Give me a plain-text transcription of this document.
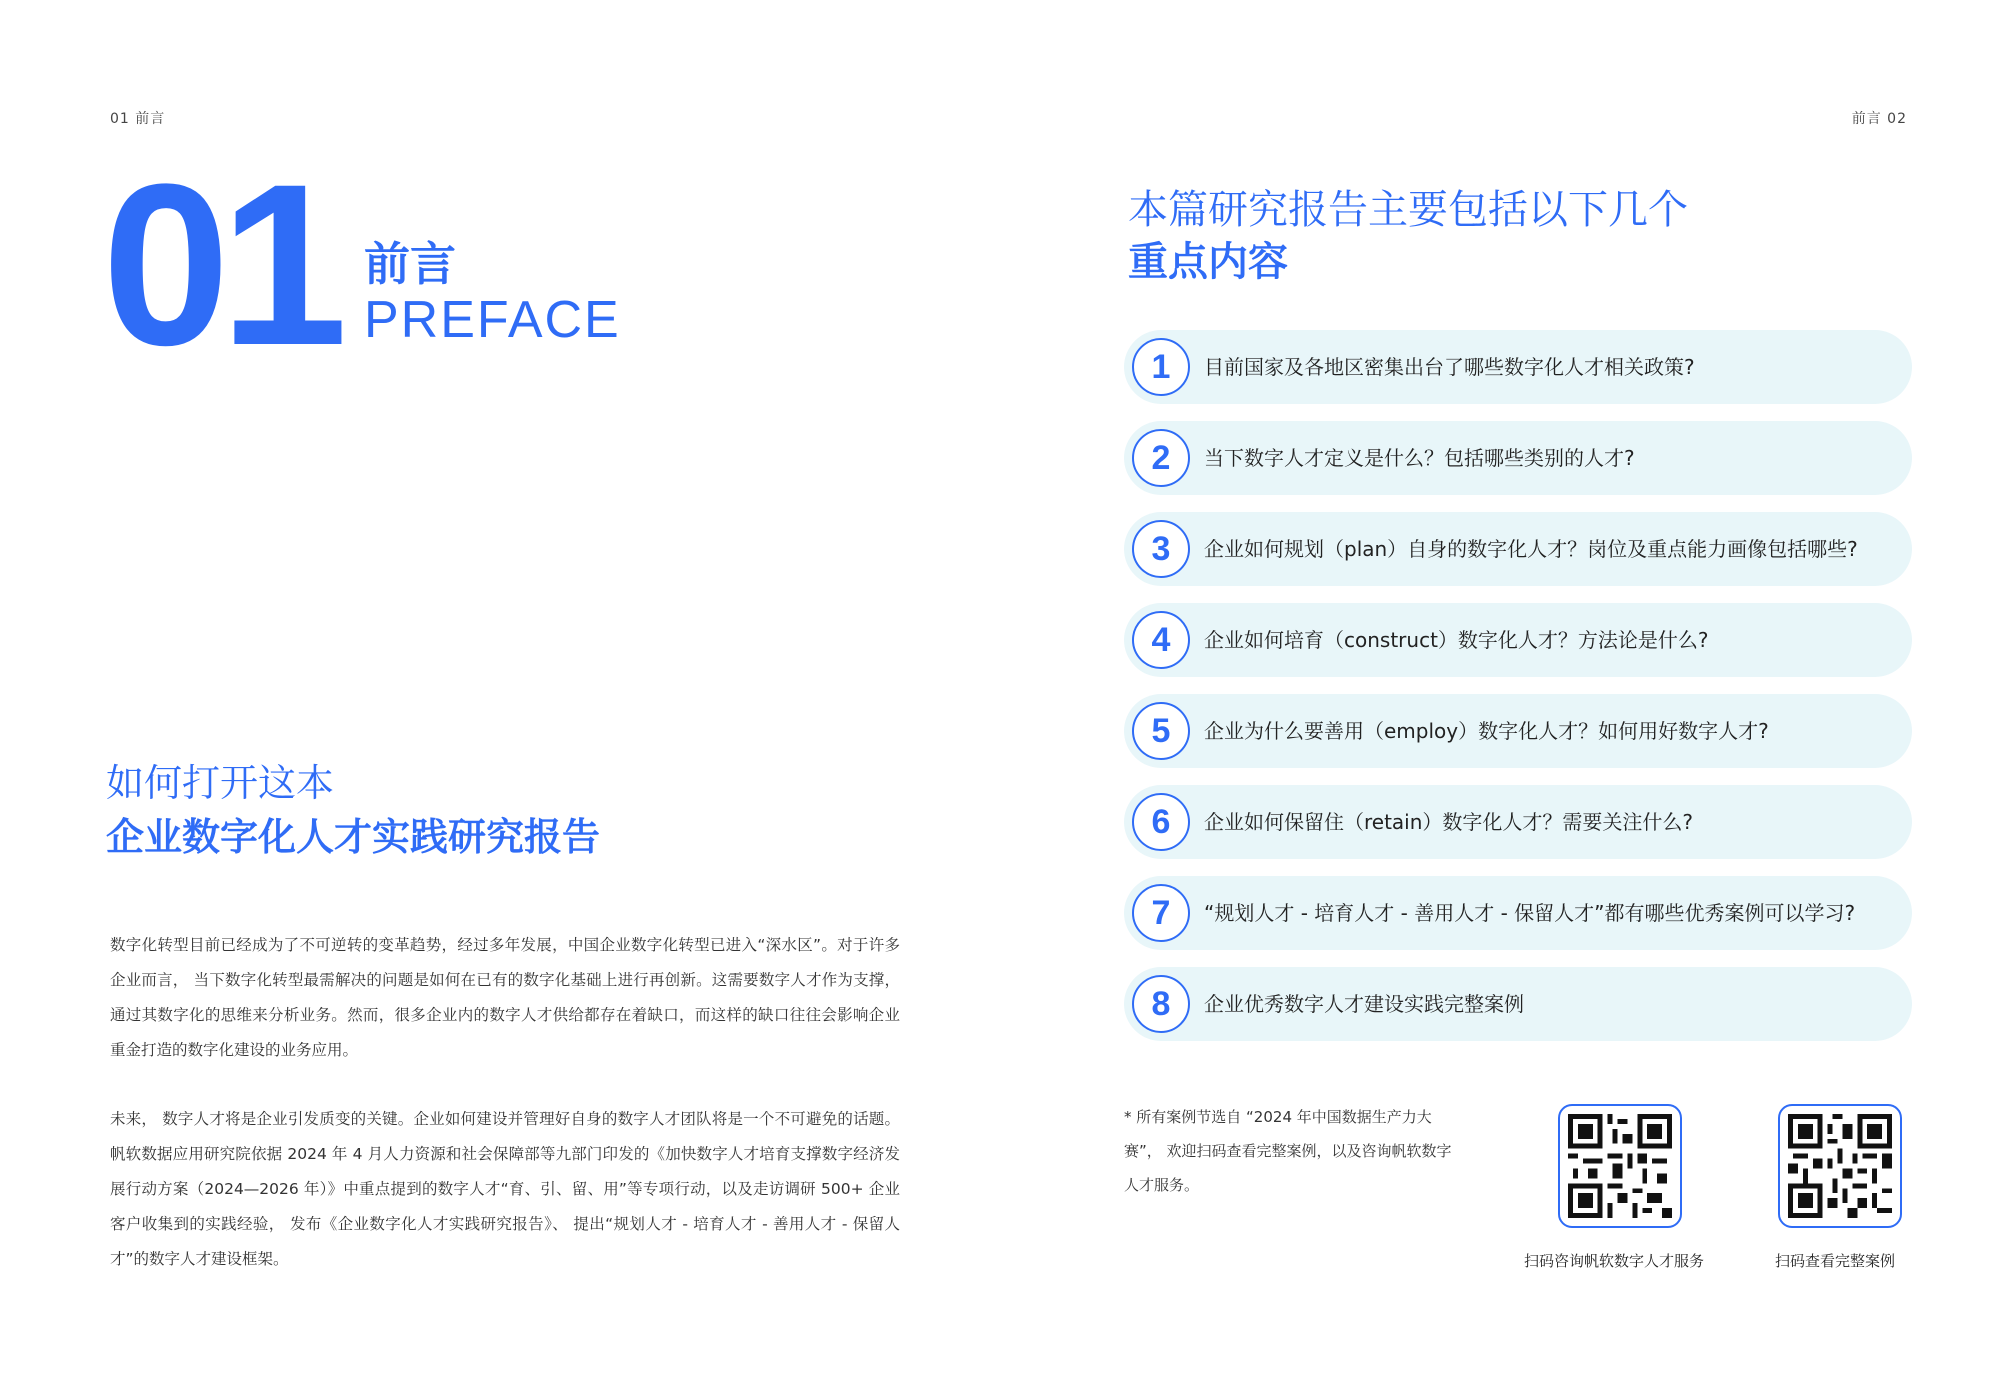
01 前言	前言 02
01 前言
PREFACE
如何打开这本
企业数字化人才实践研究报告
数字化转型目前已经成为了不可逆转的变革趋势，经过多年发展，中国企业数字化转型已进入“深水区”。对于许多企业而言， 当下数字化转型最需解决的问题是如何在已有的数字化基础上进行再创新。这需要数字人才作为支撑，通过其数字化的思维来分析业务。然而，很多企业内的数字人才供给都存在着缺口，而这样的缺口往往会影响企业重金打造的数字化建设的业务应用。
未来， 数字人才将是企业引发质变的关键。企业如何建设并管理好自身的数字人才团队将是一个不可避免的话题。帆软数据应用研究院依据 2024 年 4 月人力资源和社会保障部等九部门印发的《加快数字人才培育支撑数字经济发展行动方案（2024—2026 年）》中重点提到的数字人才“育、引、留、用”等专项行动，以及走访调研 500+ 企业客户收集到的实践经验， 发布《企业数字化人才实践研究报告》、 提出“规划人才 - 培育人才 - 善用人才 - 保留人才”的数字人才建设框架。
本篇研究报告主要包括以下几个
重点内容
1	目前国家及各地区密集出台了哪些数字化人才相关政策?
2	当下数字人才定义是什么？包括哪些类别的人才?
3	企业如何规划（plan）自身的数字化人才？岗位及重点能力画像包括哪些?
4	企业如何培育（construct）数字化人才？方法论是什么?
5	企业为什么要善用（employ）数字化人才？如何用好数字人才?
6	企业如何保留住（retain）数字化人才？需要关注什么?
7	“规划人才 - 培育人才 - 善用人才 - 保留人才”都有哪些优秀案例可以学习?
8	企业优秀数字人才建设实践完整案例
* 所有案例节选自 “2024 年中国数据生产力大赛”， 欢迎扫码查看完整案例，以及咨询帆软数字人才服务。
扫码咨询帆软数字人才服务	扫码查看完整案例
